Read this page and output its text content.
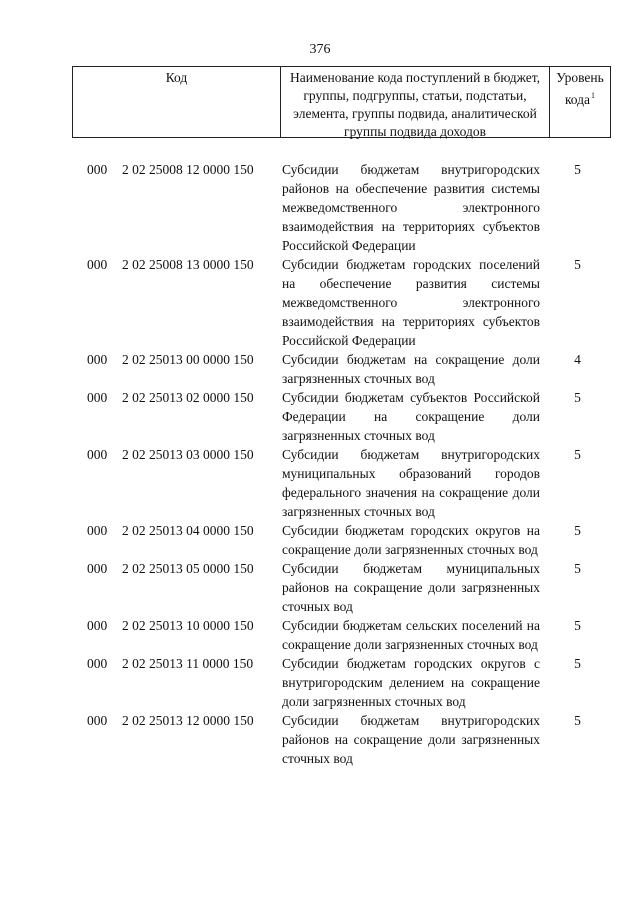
376
Код	Наименование кода поступлений в бюджет, группы, подгруппы, статьи, подстатьи, элемента, группы подвида, аналитической группы подвида доходов
Уровень кода$^1$
000	2 02 25008 12 0000 150	Субсидии бюджетам внутригородских районов на обеспечение развития системы межведомственного электронного взаимодействия на территориях субъектов Российской Федерации
5
000	2 02 25008 13 0000 150	Субсидии бюджетам городских поселений на обеспечение развития системы межведомственного электронного взаимодействия на территориях субъектов Российской Федерации
5
000	2 02 25013 00 0000 150	Субсидии бюджетам на сокращение доли загрязненных сточных вод
4
000	2 02 25013 02 0000 150	Субсидии бюджетам субъектов Российской Федерации на сокращение доли загрязненных сточных вод
5
000	2 02 25013 03 0000 150	Субсидии бюджетам внутригородских муниципальных образований городов федерального значения на сокращение доли загрязненных сточных вод
5
000	2 02 25013 04 0000 150	Субсидии бюджетам городских округов на сокращение доли загрязненных сточных вод
5
000	2 02 25013 05 0000 150	Субсидии бюджетам муниципальных районов на сокращение доли загрязненных сточных вод
5
000	2 02 25013 10 0000 150	Субсидии бюджетам сельских поселений на сокращение доли загрязненных сточных вод
5
000	2 02 25013 11 0000 150	Субсидии бюджетам городских округов с внутригородским делением на сокращение доли загрязненных сточных вод
5
000	2 02 25013 12 0000 150	Субсидии бюджетам внутригородских районов на сокращение доли загрязненных сточных вод
5
